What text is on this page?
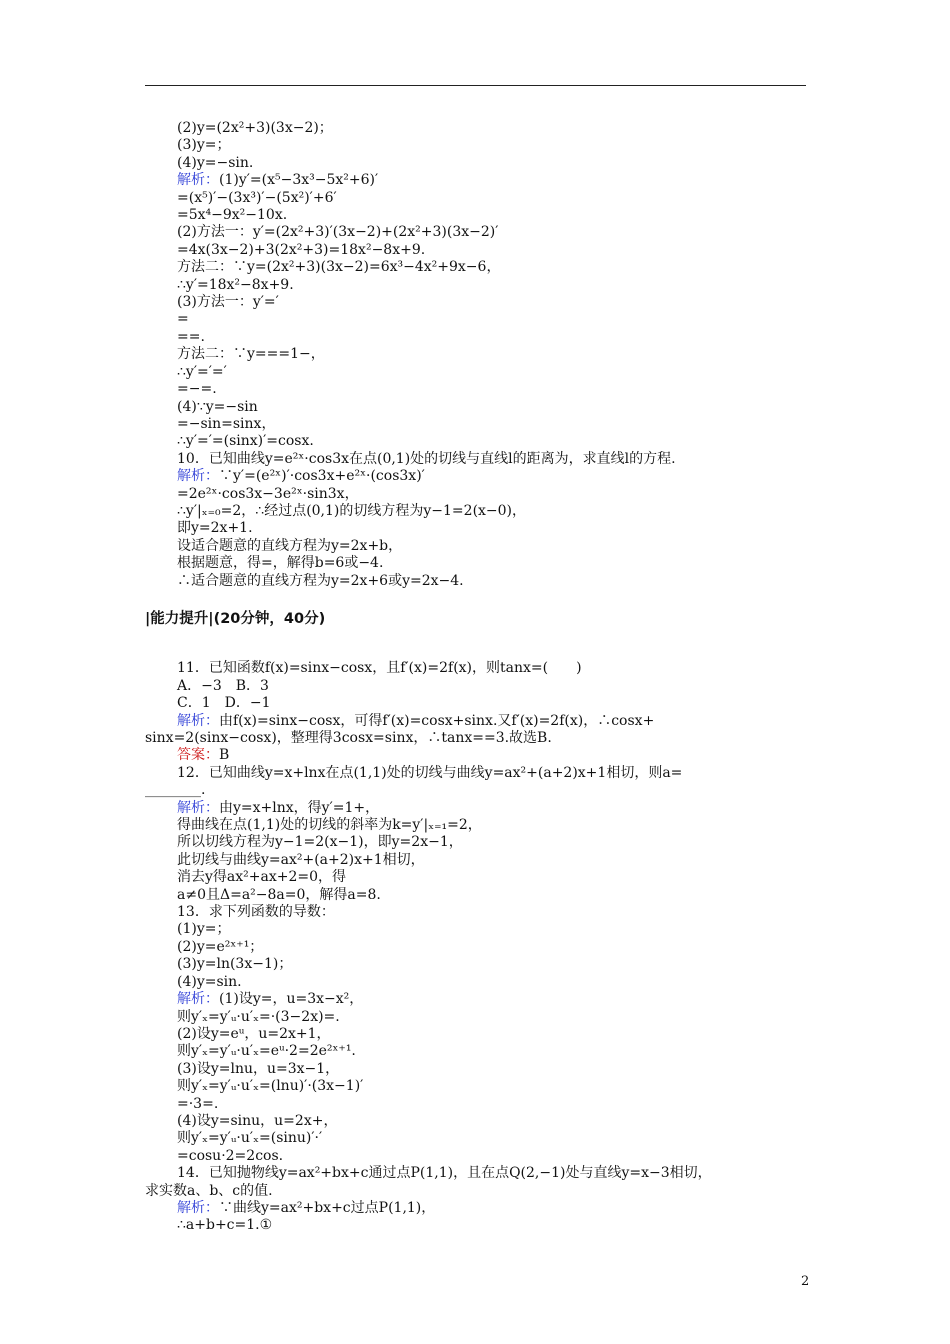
(2)y=(2x²+3)(3x−2)；
(3)y=；
(4)y=−sin.
解析：(1)y′=(x⁵−3x³−5x²+6)′
=(x⁵)′−(3x³)′−(5x²)′+6′
=5x⁴−9x²−10x.
(2)方法一：y′=(2x²+3)′(3x−2)+(2x²+3)(3x−2)′
=4x(3x−2)+3(2x²+3)=18x²−8x+9.
方法二：∵y=(2x²+3)(3x−2)=6x³−4x²+9x−6，
∴y′=18x²−8x+9.
(3)方法一：y′=′
=
==.
方法二：∵y===1−，
∴y′=′=′
=−=.
(4)∵y=−sin
=−sin=sinx，
∴y′=′=(sinx)′=cosx.
10．已知曲线y=e²ˣ·cos3x在点(0,1)处的切线与直线l的距离为，求直线l的方程.
解析：∵y′=(e²ˣ)′·cos3x+e²ˣ·(cos3x)′
=2e²ˣ·cos3x−3e²ˣ·sin3x，
∴y′|ₓ₌₀=2，∴经过点(0,1)的切线方程为y−1=2(x−0)，
即y=2x+1.
设适合题意的直线方程为y=2x+b，
根据题意，得=，解得b=6或−4.
∴适合题意的直线方程为y=2x+6或y=2x−4.
|能力提升|(20分钟，40分)
11．已知函数f(x)=sinx−cosx，且f′(x)=2f(x)，则tanx=(　　)
A．−3　B．3
C．1　D．−1
解析：由f(x)=sinx−cosx，可得f′(x)=cosx+sinx.又f′(x)=2f(x)，∴cosx+
sinx=2(sinx−cosx)，整理得3cosx=sinx，∴tanx==3.故选B.
答案：B
12．已知曲线y=x+lnx在点(1,1)处的切线与曲线y=ax²+(a+2)x+1相切，则a=
________.
解析：由y=x+lnx，得y′=1+，
得曲线在点(1,1)处的切线的斜率为k=y′|ₓ₌₁=2，
所以切线方程为y−1=2(x−1)，即y=2x−1，
此切线与曲线y=ax²+(a+2)x+1相切，
消去y得ax²+ax+2=0，得
a≠0且Δ=a²−8a=0，解得a=8.
13．求下列函数的导数：
(1)y=；
(2)y=e²ˣ⁺¹；
(3)y=ln(3x−1)；
(4)y=sin.
解析：(1)设y=，u=3x−x²，
则y′ₓ=y′ᵤ·u′ₓ=·(3−2x)=.
(2)设y=eᵘ，u=2x+1，
则y′ₓ=y′ᵤ·u′ₓ=eᵘ·2=2e²ˣ⁺¹.
(3)设y=lnu，u=3x−1，
则y′ₓ=y′ᵤ·u′ₓ=(lnu)′·(3x−1)′
=·3=.
(4)设y=sinu，u=2x+，
则y′ₓ=y′ᵤ·u′ₓ=(sinu)′·′
=cosu·2=2cos.
14．已知抛物线y=ax²+bx+c通过点P(1,1)，且在点Q(2,−1)处与直线y=x−3相切，
求实数a、b、c的值.
解析：∵曲线y=ax²+bx+c过点P(1,1)，
∴a+b+c=1.①
2
